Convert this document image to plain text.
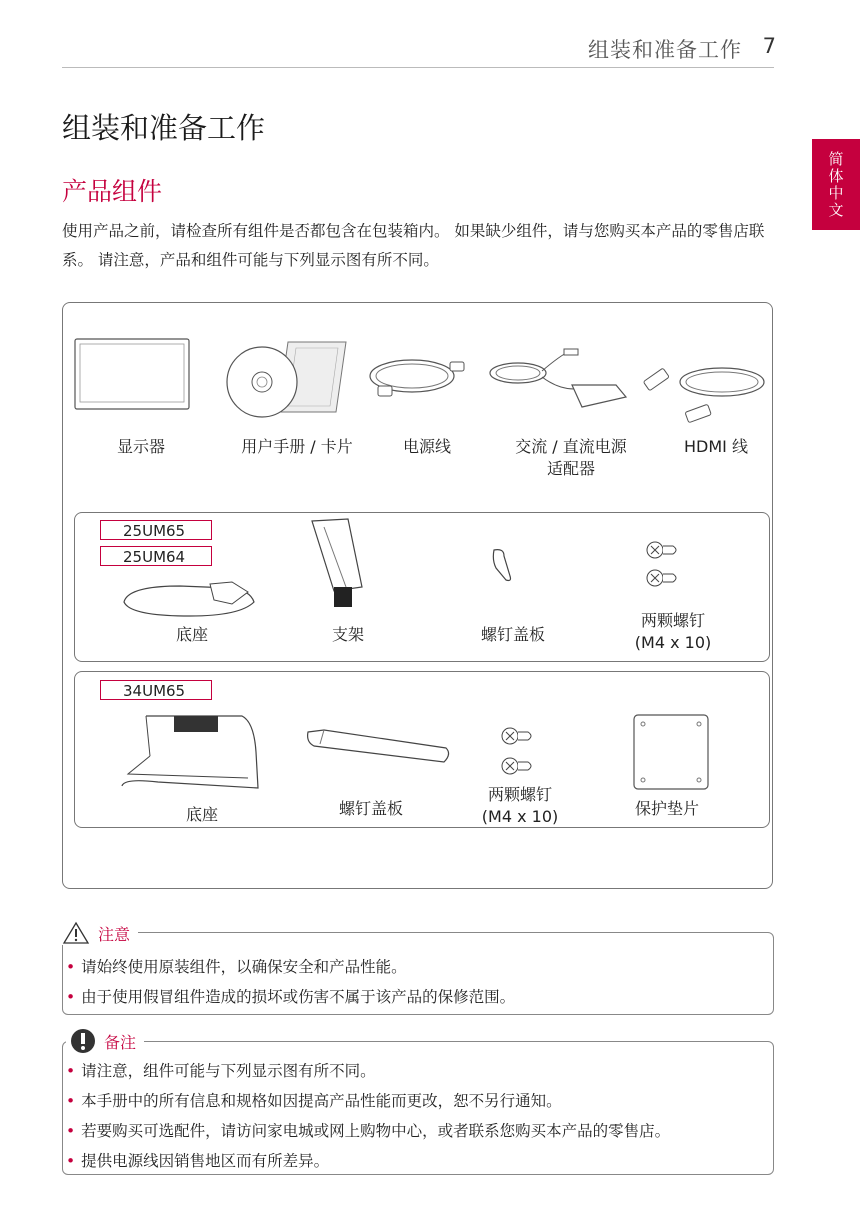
组装和准备工作 7
简体中文
组装和准备工作
产品组件
使用产品之前，请检查所有组件是否都包含在包装箱内。 如果缺少组件，请与您购买本产品的零售店联系。 请注意，产品和组件可能与下列显示图有所不同。
显示器	用户手册 / 卡片	电源线	交流 / 直流电源
适配器
HDMI 线
25UM65
25UM64
底座	支架	螺钉盖板
两颗螺钉
(M4 x 10)
34UM65
底座	螺钉盖板
两颗螺钉
(M4 x 10)	保护垫片
注意
• 请始终使用原装组件，以确保安全和产品性能。
• 由于使用假冒组件造成的损坏或伤害不属于该产品的保修范围。
备注
• 请注意，组件可能与下列显示图有所不同。
• 本手册中的所有信息和规格如因提高产品性能而更改，恕不另行通知。
• 若要购买可选配件，请访问家电城或网上购物中心，或者联系您购买本产品的零售店。
• 提供电源线因销售地区而有所差异。
